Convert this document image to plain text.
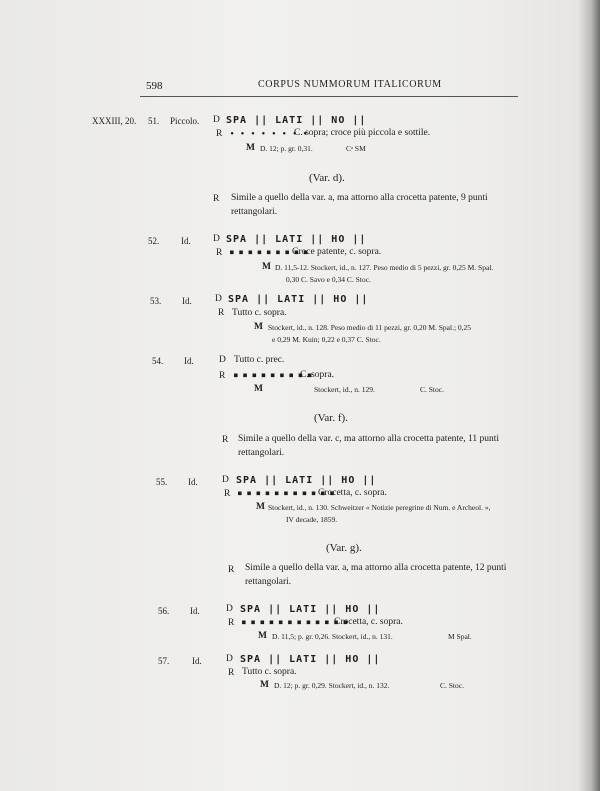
598	CORPUS NUMMORUM ITALICORUM
XXXIII, 20. 51. Piccolo. D SPA || LATI || NO ||
R • • • • • • • •
C. sopra; croce più piccola e sottile.
M D. 12; p. gr. 0,31.	Cᵃ SM
(Var. d).
R Simile a quello della var. a, ma attorno alla crocetta patente, 9 punti
rettangolari.
52. Id. D SPA || LATI || HO ||
R ■ ■ ■ ■ ■ ■ ■ ■ ■
Croce patente, c. sopra.
M D. 11,5-12. Stockert, id., n. 127. Peso medio di 5 pezzi, gr. 0,25 M. Spal.
0,30 C. Savo e 0,34 C. Stoc.
53. Id. D SPA || LATI || HO ||
R Tutto c. sopra.
M Stockert, id., n. 128. Peso medio di 11 pezzi, gr. 0,20 M. Spal.; 0,25
e 0,29 M. Kuin; 0,22 e 0,37 C. Stoc.
54. Id.	D Tutto c. prec.
R ■ ■ ■ ■ ■ ■ ■ ■ ■
C. sopra.
M	Stockert, id., n. 129.	C. Stoc.
(Var. f).
R Simile a quello della var. c, ma attorno alla crocetta patente, 11 punti
rettangolari.
55. Id.	D SPA || LATI || HO ||
R ■ ■ ■ ■ ■ ■ ■ ■ ■ ■ ■
Crocetta, c. sopra.
M Stockert, id., n. 130. Schweitzer « Notizie peregrine di Num. e Archeol. »,
IV decade, 1859.
(Var. g).
R Simile a quello della var. a, ma attorno alla crocetta patente, 12 punti
rettangolari.
56. Id.	D SPA || LATI || HO ||
R ■ ■ ■ ■ ■ ■ ■ ■ ■ ■ ■ ■
Crocetta, c. sopra.
M D. 11,5; p. gr. 0,26. Stockert, id., n. 131.	M Spal.
57.	Id.	D SPA || LATI || HO ||
R Tutto c. sopra.
M D. 12; p. gr. 0,29. Stockert, id., n. 132.	C. Stoc.
